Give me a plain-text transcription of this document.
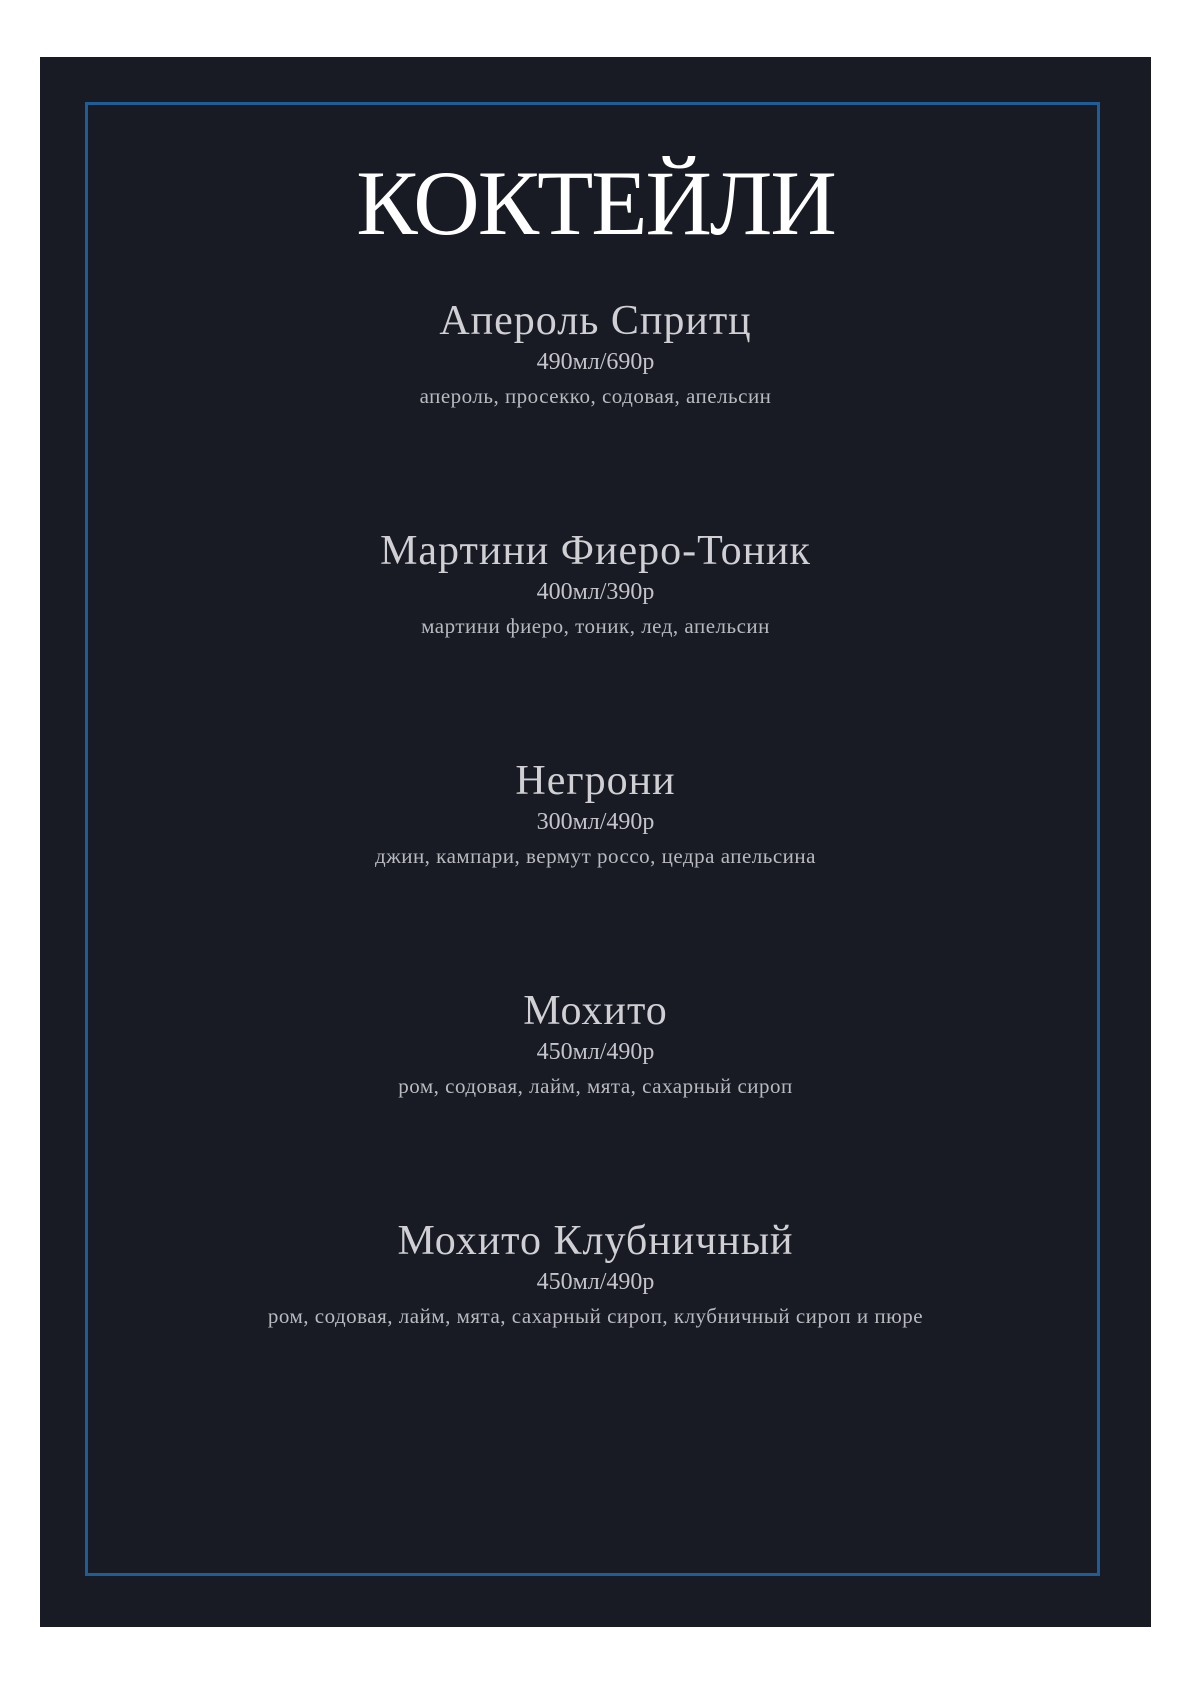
КОКТЕЙЛИ
Апероль Спритц
490мл/690р
апероль, просекко, содовая, апельсин
Мартини Фиеро-Тоник
400мл/390р
мартини фиеро, тоник, лед, апельсин
Негрони
300мл/490р
джин, кампари, вермут россо, цедра апельсина
Мохито
450мл/490р
ром, содовая, лайм, мята, сахарный сироп
Мохито Клубничный
450мл/490р
ром, содовая, лайм, мята, сахарный сироп, клубничный сироп и пюре
